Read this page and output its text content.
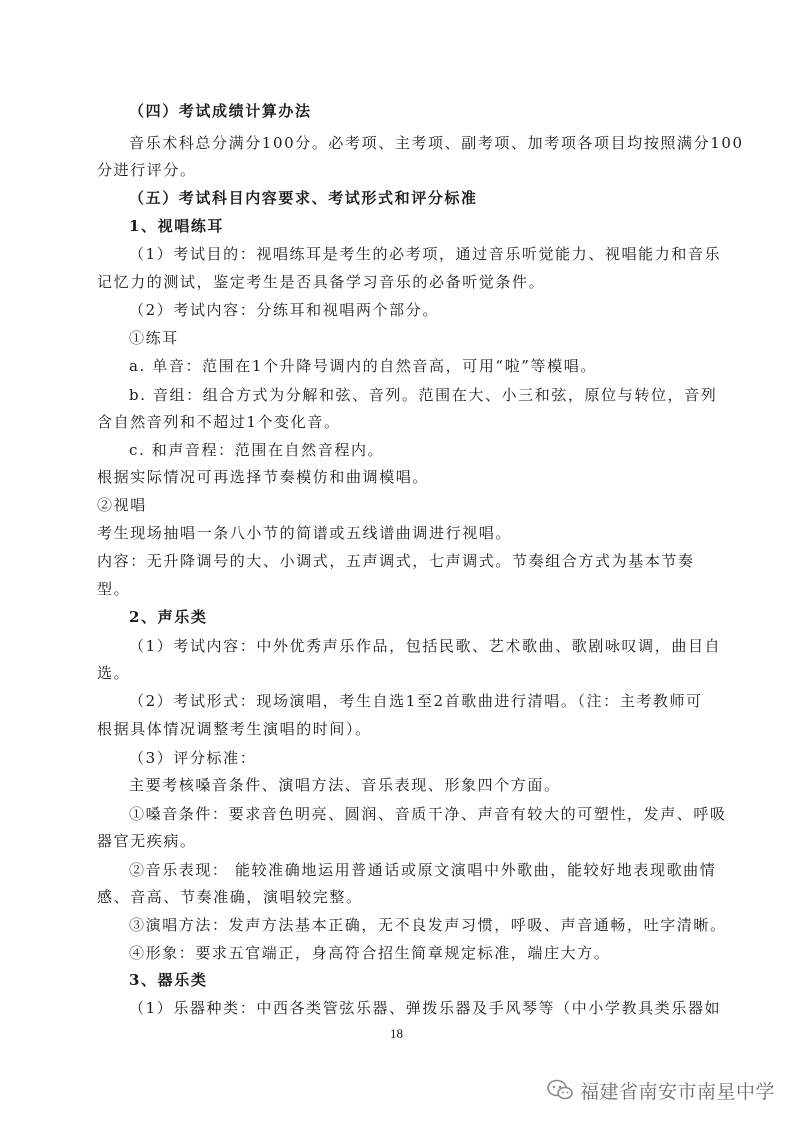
（四）考试成绩计算办法
音乐术科总分满分100分。必考项、主考项、副考项、加考项各项目均按照满分100
分进行评分。
（五）考试科目内容要求、考试形式和评分标准
1、视唱练耳
（1）考试目的：视唱练耳是考生的必考项，通过音乐听觉能力、视唱能力和音乐
记忆力的测试，鉴定考生是否具备学习音乐的必备听觉条件。
（2）考试内容：分练耳和视唱两个部分。
①练耳
a. 单音：范围在1个升降号调内的自然音高，可用“啦”等模唱。
b. 音组：组合方式为分解和弦、音列。范围在大、小三和弦，原位与转位，音列
含自然音列和不超过1个变化音。
c. 和声音程：范围在自然音程内。
根据实际情况可再选择节奏模仿和曲调模唱。
②视唱
考生现场抽唱一条八小节的简谱或五线谱曲调进行视唱。
内容：无升降调号的大、小调式，五声调式，七声调式。节奏组合方式为基本节奏
型。
2、声乐类
（1）考试内容：中外优秀声乐作品，包括民歌、艺术歌曲、歌剧咏叹调，曲目自
选。
（2）考试形式：现场演唱，考生自选1至2首歌曲进行清唱。（注：主考教师可
根据具体情况调整考生演唱的时间）。
（3）评分标准：
主要考核嗓音条件、演唱方法、音乐表现、形象四个方面。
①嗓音条件：要求音色明亮、圆润、音质干净、声音有较大的可塑性，发声、呼吸
器官无疾病。
②音乐表现： 能较准确地运用普通话或原文演唱中外歌曲，能较好地表现歌曲情
感、音高、节奏准确，演唱较完整。
③演唱方法：发声方法基本正确，无不良发声习惯，呼吸、声音通畅，吐字清晰。
④形象：要求五官端正，身高符合招生简章规定标准，端庄大方。
3、器乐类
（1）乐器种类：中西各类管弦乐器、弹拨乐器及手风琴等（中小学教具类乐器如
18
福建省南安市南星中学
